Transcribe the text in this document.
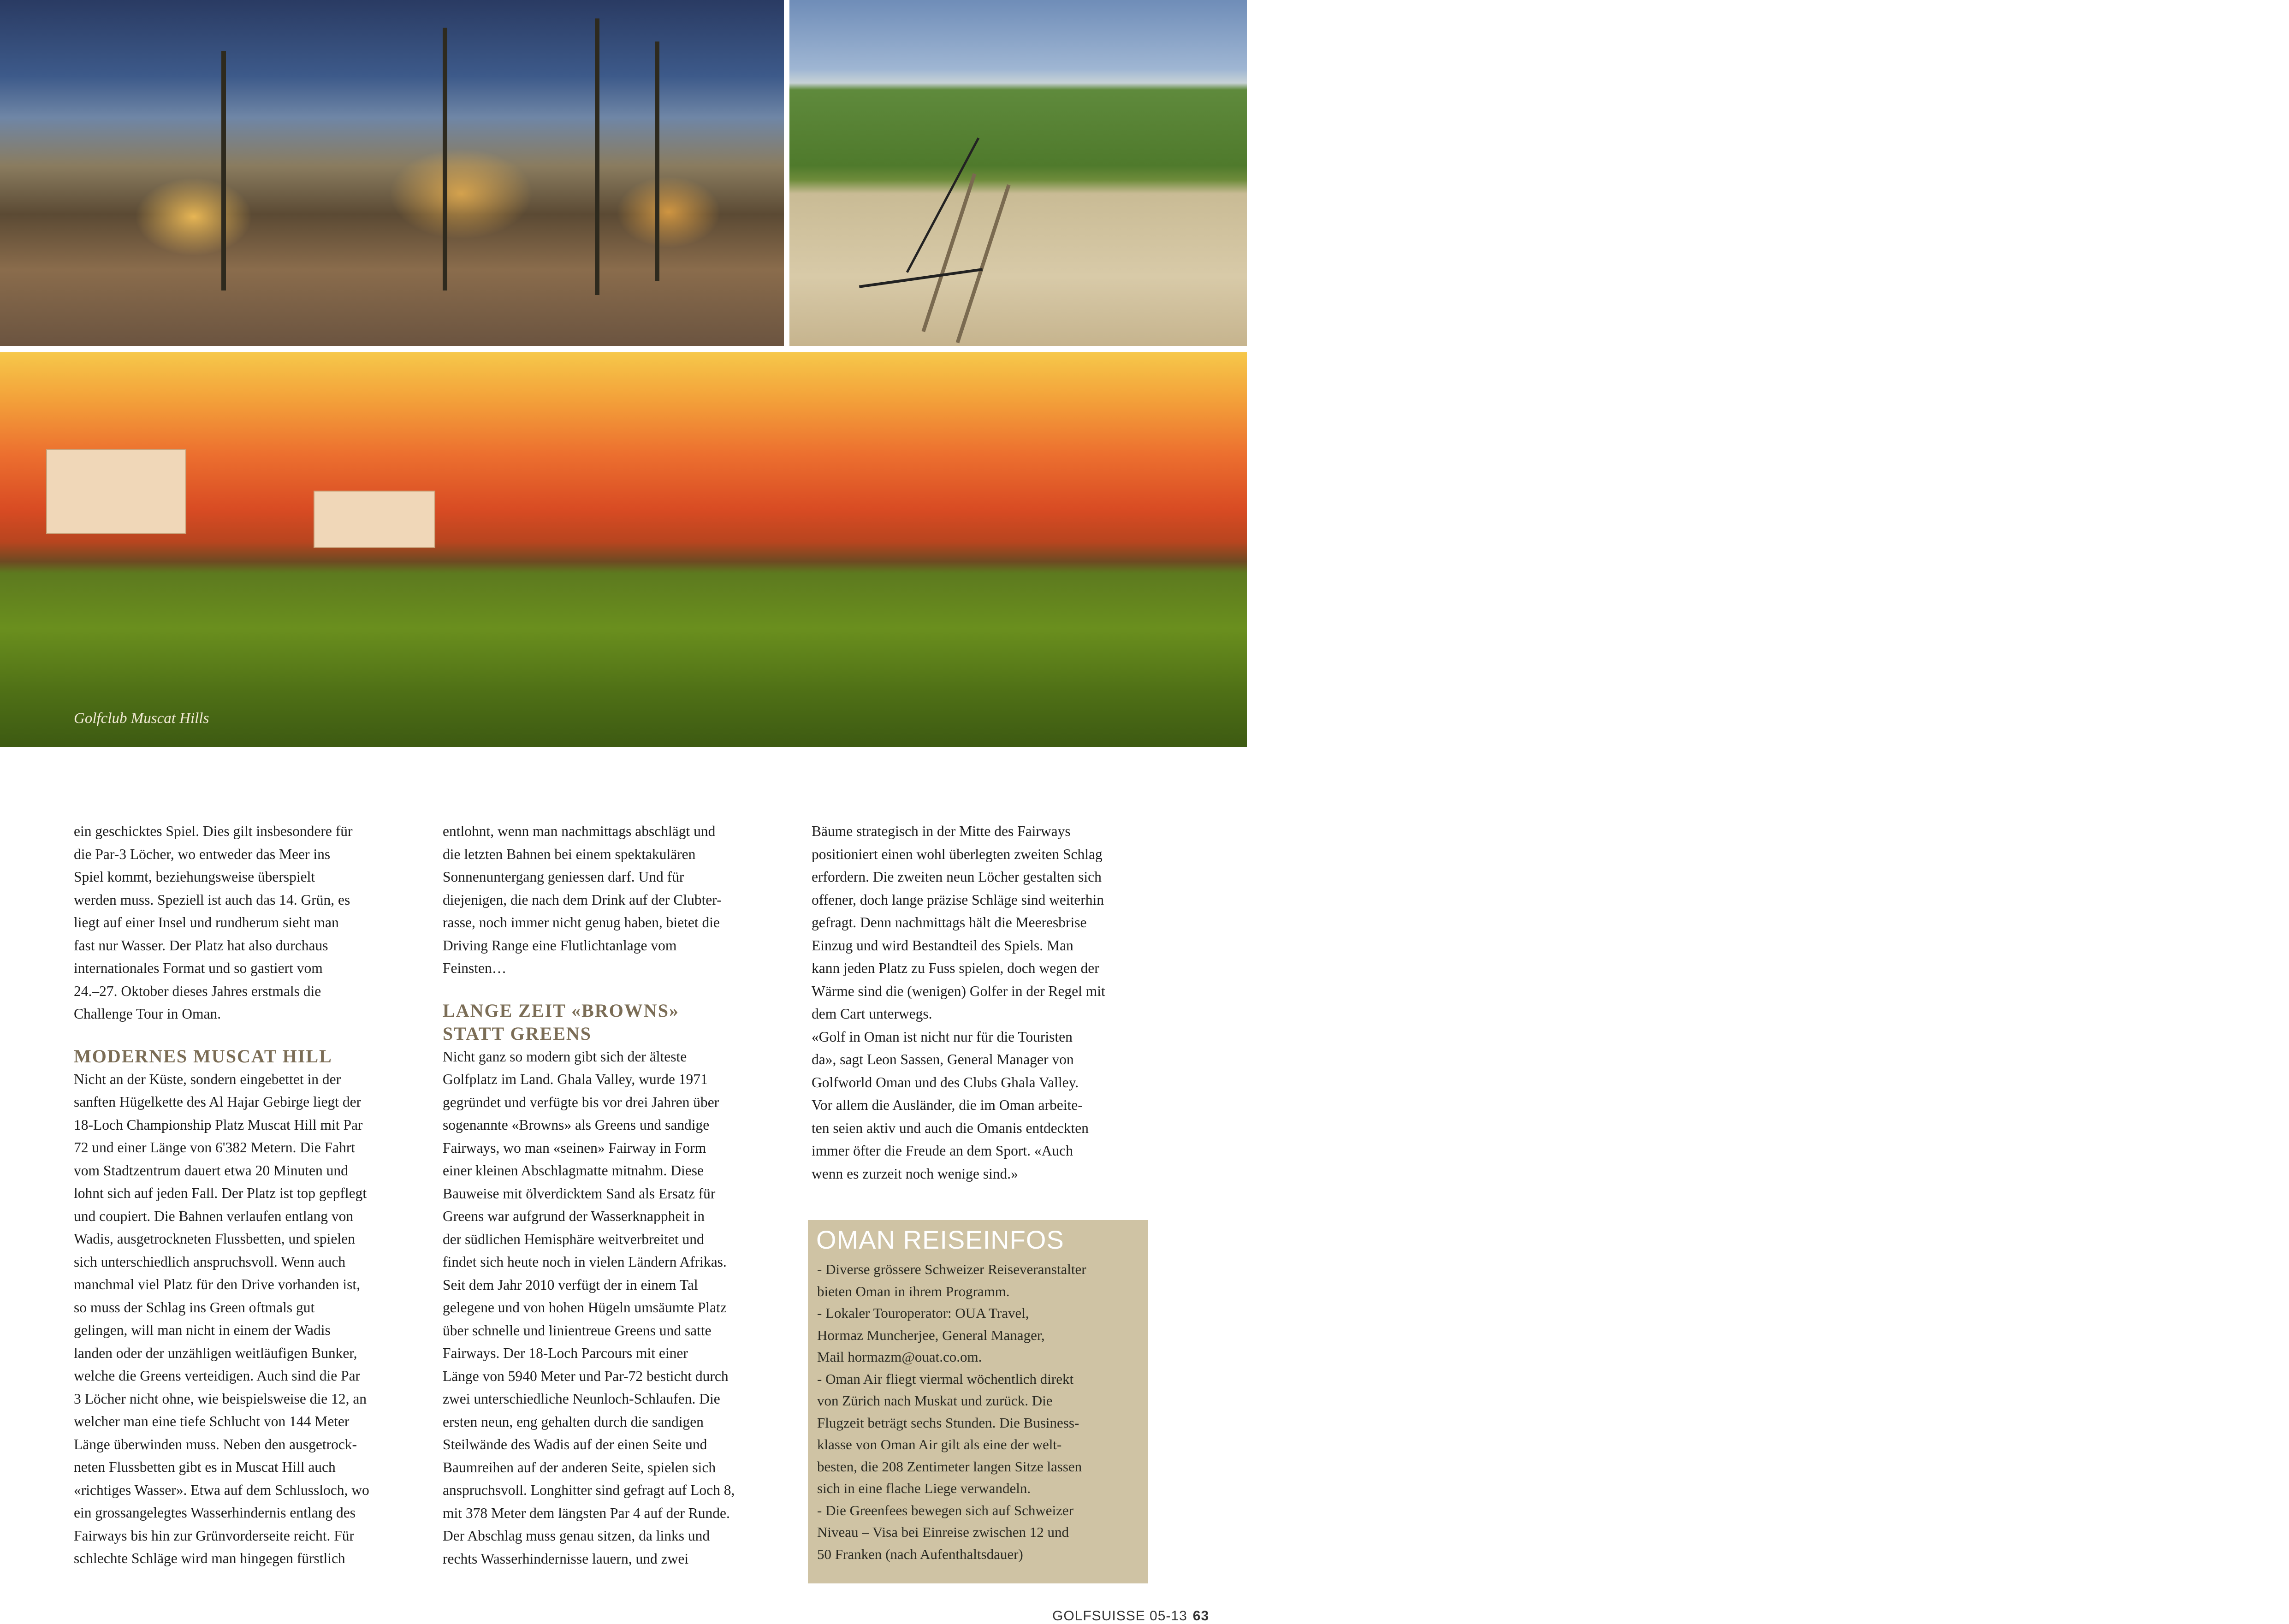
TRAVEL
Golfclub Muscat Hills

ein geschicktes Spiel. Dies gilt insbesondere für
die Par-3 Löcher, wo entweder das Meer ins
Spiel kommt, beziehungsweise überspielt
werden muss. Speziell ist auch das 14. Grün, es
liegt auf einer Insel und rundherum sieht man
fast nur Wasser. Der Platz hat also durchaus
internationales Format und so gastiert vom
24.–27. Oktober dieses Jahres erstmals die
Challenge Tour in Oman.

MODERNES MUSCAT HILL

Nicht an der Küste, sondern eingebettet in der
sanften Hügelkette des Al Hajar Gebirge liegt der
18-Loch Championship Platz Muscat Hill mit Par
72 und einer Länge von 6'382 Metern. Die Fahrt
vom Stadtzentrum dauert etwa 20 Minuten und
lohnt sich auf jeden Fall. Der Platz ist top gepflegt
und coupiert. Die Bahnen verlaufen entlang von
Wadis, ausgetrockneten Flussbetten, und spielen
sich unterschiedlich anspruchsvoll. Wenn auch
manchmal viel Platz für den Drive vorhanden ist,
so muss der Schlag ins Green oftmals gut
gelingen, will man nicht in einem der Wadis
landen oder der unzähligen weitläufigen Bunker,
welche die Greens verteidigen. Auch sind die Par
3 Löcher nicht ohne, wie beispielsweise die 12, an
welcher man eine tiefe Schlucht von 144 Meter
Länge überwinden muss. Neben den ausgetrock-
neten Flussbetten gibt es in Muscat Hill auch
«richtiges Wasser». Etwa auf dem Schlussloch, wo
ein grossangelegtes Wasserhindernis entlang des
Fairways bis hin zur Grünvorderseite reicht. Für
schlechte Schläge wird man hingegen fürstlich

entlohnt, wenn man nachmittags abschlägt und
die letzten Bahnen bei einem spektakulären
Sonnenuntergang geniessen darf. Und für
diejenigen, die nach dem Drink auf der Clubter-
rasse, noch immer nicht genug haben, bietet die
Driving Range eine Flutlichtanlage vom
Feinsten…

LANGE ZEIT «BROWNS»
STATT GREENS

Nicht ganz so modern gibt sich der älteste
Golfplatz im Land. Ghala Valley, wurde 1971
gegründet und verfügte bis vor drei Jahren über
sogenannte «Browns» als Greens und sandige
Fairways, wo man «seinen» Fairway in Form
einer kleinen Abschlagmatte mitnahm. Diese
Bauweise mit ölverdicktem Sand als Ersatz für
Greens war aufgrund der Wasserknappheit in
der südlichen Hemisphäre weitverbreitet und
findet sich heute noch in vielen Ländern Afrikas.
Seit dem Jahr 2010 verfügt der in einem Tal
gelegene und von hohen Hügeln umsäumte Platz
über schnelle und linientreue Greens und satte
Fairways. Der 18-Loch Parcours mit einer
Länge von 5940 Meter und Par-72 besticht durch
zwei unterschiedliche Neunloch-Schlaufen. Die
ersten neun, eng gehalten durch die sandigen
Steilwände des Wadis auf der einen Seite und
Baumreihen auf der anderen Seite, spielen sich
anspruchsvoll. Longhitter sind gefragt auf Loch 8,
mit 378 Meter dem längsten Par 4 auf der Runde.
Der Abschlag muss genau sitzen, da links und
rechts Wasserhindernisse lauern, und zwei

Bäume strategisch in der Mitte des Fairways
positioniert einen wohl überlegten zweiten Schlag
erfordern. Die zweiten neun Löcher gestalten sich
offener, doch lange präzise Schläge sind weiterhin
gefragt. Denn nachmittags hält die Meeresbrise
Einzug und wird Bestandteil des Spiels. Man
kann jeden Platz zu Fuss spielen, doch wegen der
Wärme sind die (wenigen) Golfer in der Regel mit
dem Cart unterwegs.
«Golf in Oman ist nicht nur für die Touristen
da», sagt Leon Sassen, General Manager von
Golfworld Oman und des Clubs Ghala Valley.
Vor allem die Ausländer, die im Oman arbeite-
ten seien aktiv und auch die Omanis entdeckten
immer öfter die Freude an dem Sport. «Auch
wenn es zurzeit noch wenige sind.»

OMAN REISEINFOS
- Diverse grössere Schweizer Reiseveranstalter
bieten Oman in ihrem Programm.
- Lokaler Touroperator: OUA Travel,
Hormaz Muncherjee, General Manager,
Mail hormazm@ouat.co.om.
- Oman Air fliegt viermal wöchentlich direkt
von Zürich nach Muskat und zurück. Die
Flugzeit beträgt sechs Stunden. Die Business-
klasse von Oman Air gilt als eine der welt-
besten, die 208 Zentimeter langen Sitze lassen
sich in eine flache Liege verwandeln.
- Die Greenfees bewegen sich auf Schweizer
Niveau – Visa bei Einreise zwischen 12 und
50 Franken (nach Aufenthaltsdauer)
GOLFSUISSE 05-13 63
